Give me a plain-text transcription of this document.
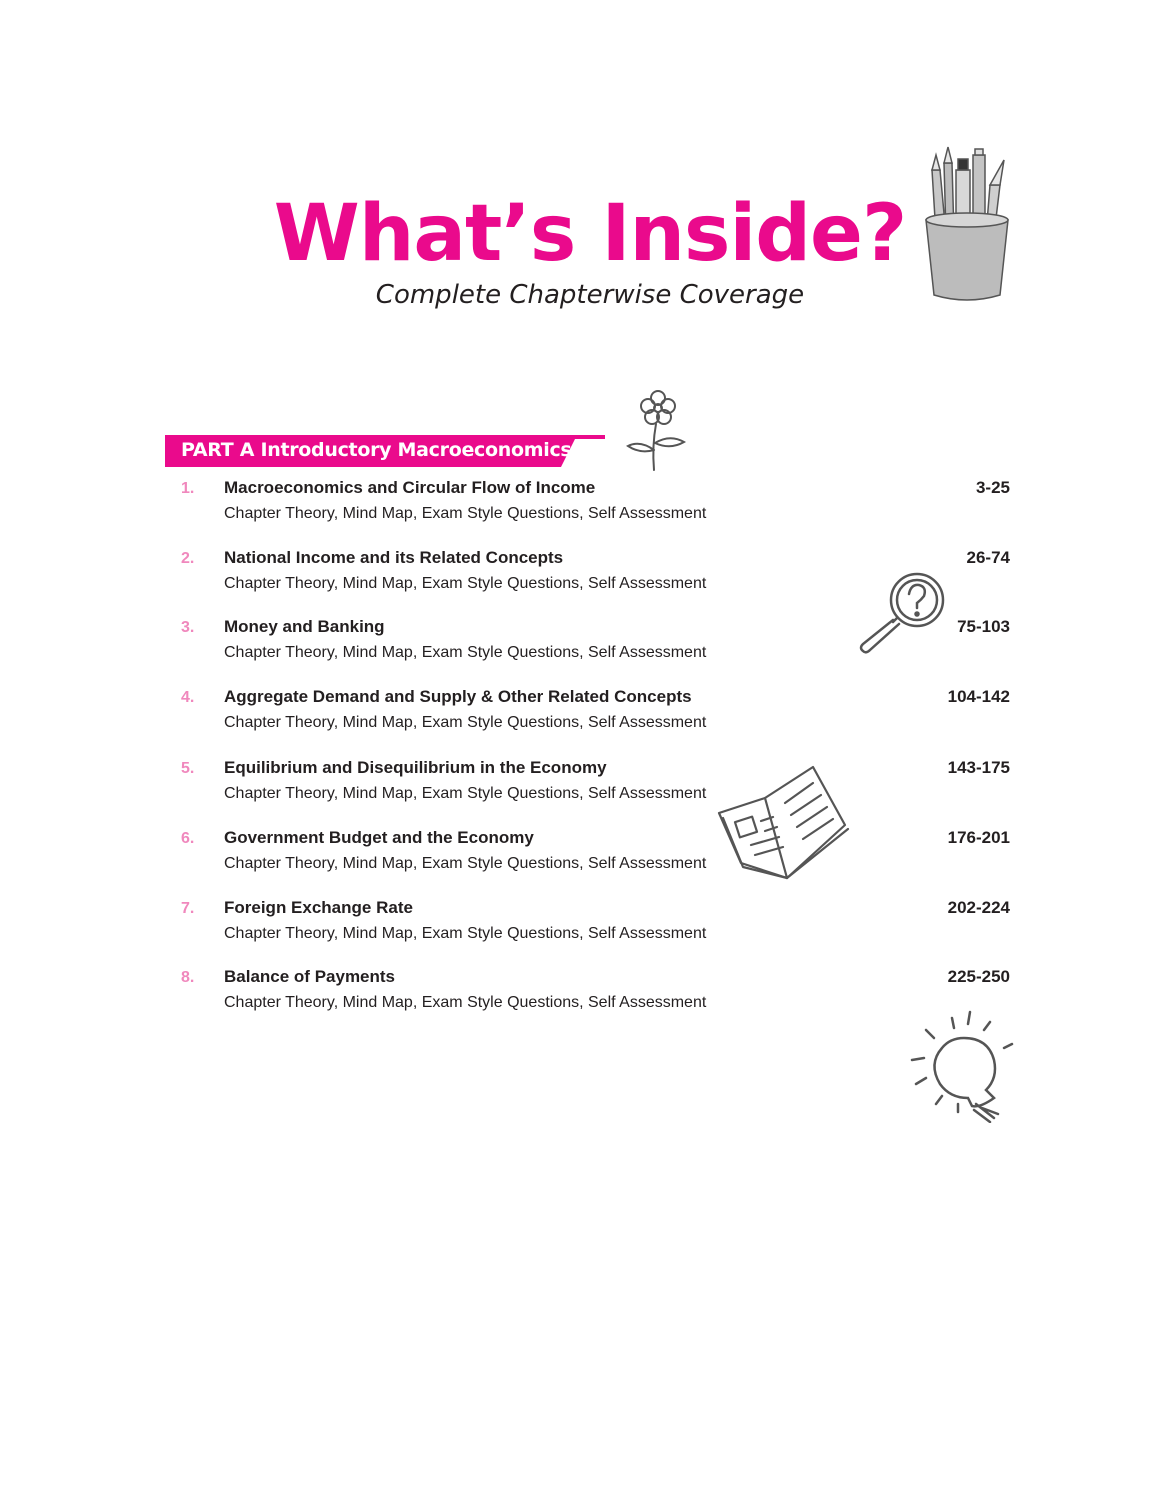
What’s Inside?
Complete Chapterwise Coverage
PART A Introductory Macroeconomics
1. Macroeconomics and Circular Flow of Income
Chapter Theory, Mind Map, Exam Style Questions, Self Assessment
3-25
2. National Income and its Related Concepts
Chapter Theory, Mind Map, Exam Style Questions, Self Assessment
26-74
3. Money and Banking
Chapter Theory, Mind Map, Exam Style Questions, Self Assessment
75-103
4. Aggregate Demand and Supply & Other Related Concepts
Chapter Theory, Mind Map, Exam Style Questions, Self Assessment
104-142
5. Equilibrium and Disequilibrium in the Economy
Chapter Theory, Mind Map, Exam Style Questions, Self Assessment
143-175
6. Government Budget and the Economy
Chapter Theory, Mind Map, Exam Style Questions, Self Assessment
176-201
7. Foreign Exchange Rate
Chapter Theory, Mind Map, Exam Style Questions, Self Assessment
202-224
8. Balance of Payments
Chapter Theory, Mind Map, Exam Style Questions, Self Assessment
225-250
